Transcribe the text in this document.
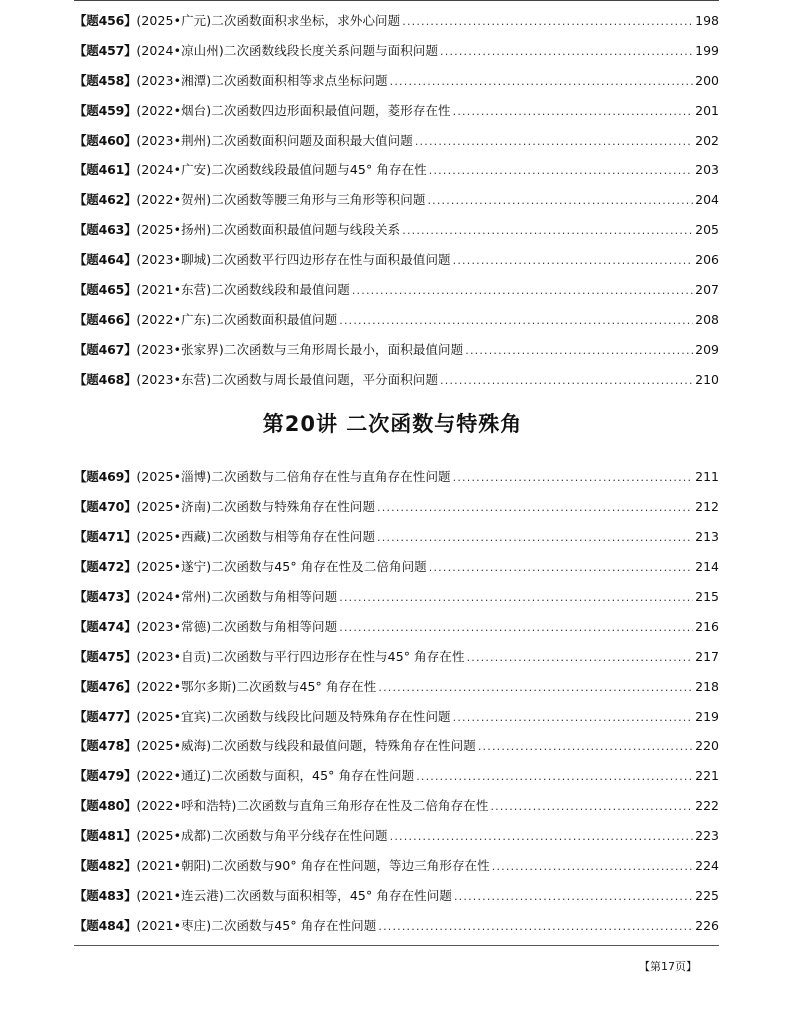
【题456】 (2025•广元)二次函数面积求坐标，求外心问题 .....	198
【题457】 (2024•凉山州)二次函数线段长度关系问题与面积问题 .....	199
【题458】 (2023•湘潭)二次函数面积相等求点坐标问题 .....	200
【题459】 (2022•烟台)二次函数四边形面积最值问题，菱形存在性 .....	201
【题460】 (2023•荆州)二次函数面积问题及面积最大值问题 .....	202
【题461】 (2024•广安)二次函数线段最值问题与45° 角存在性 .....	203
【题462】 (2022•贺州)二次函数等腰三角形与三角形等积问题 .....	204
【题463】 (2025•扬州)二次函数面积最值问题与线段关系 .....	205
【题464】 (2023•聊城)二次函数平行四边形存在性与面积最值问题 .....	206
【题465】 (2021•东营)二次函数线段和最值问题 .....	207
【题466】 (2022•广东)二次函数面积最值问题 .....	208
【题467】 (2023•张家界)二次函数与三角形周长最小，面积最值问题 .....	209
【题468】 (2023•东营)二次函数与周长最值问题，平分面积问题 .....	210
第20讲 二次函数与特殊角
【题469】 (2025•淄博)二次函数与二倍角存在性与直角存在性问题 .....	211
【题470】 (2025•济南)二次函数与特殊角存在性问题 .....	212
【题471】 (2025•西藏)二次函数与相等角存在性问题 .....	213
【题472】 (2025•遂宁)二次函数与45° 角存在性及二倍角问题 .....	214
【题473】 (2024•常州)二次函数与角相等问题 .....	215
【题474】 (2023•常德)二次函数与角相等问题 .....	216
【题475】 (2023•自贡)二次函数与平行四边形存在性与45° 角存在性 .....	217
【题476】 (2022•鄂尔多斯)二次函数与45° 角存在性 .....	218
【题477】 (2025•宜宾)二次函数与线段比问题及特殊角存在性问题 .....	219
【题478】 (2025•威海)二次函数与线段和最值问题，特殊角存在性问题 .....	220
【题479】 (2022•通辽)二次函数与面积，45° 角存在性问题 .....	221
【题480】 (2022•呼和浩特)二次函数与直角三角形存在性及二倍角存在性 .....	222
【题481】 (2025•成都)二次函数与角平分线存在性问题 .....	223
【题482】 (2021•朝阳)二次函数与90° 角存在性问题，等边三角形存在性 .....	224
【题483】 (2021•连云港)二次函数与面积相等，45° 角存在性问题 .....	225
【题484】 (2021•枣庄)二次函数与45° 角存在性问题 .....	226
【第17页】
